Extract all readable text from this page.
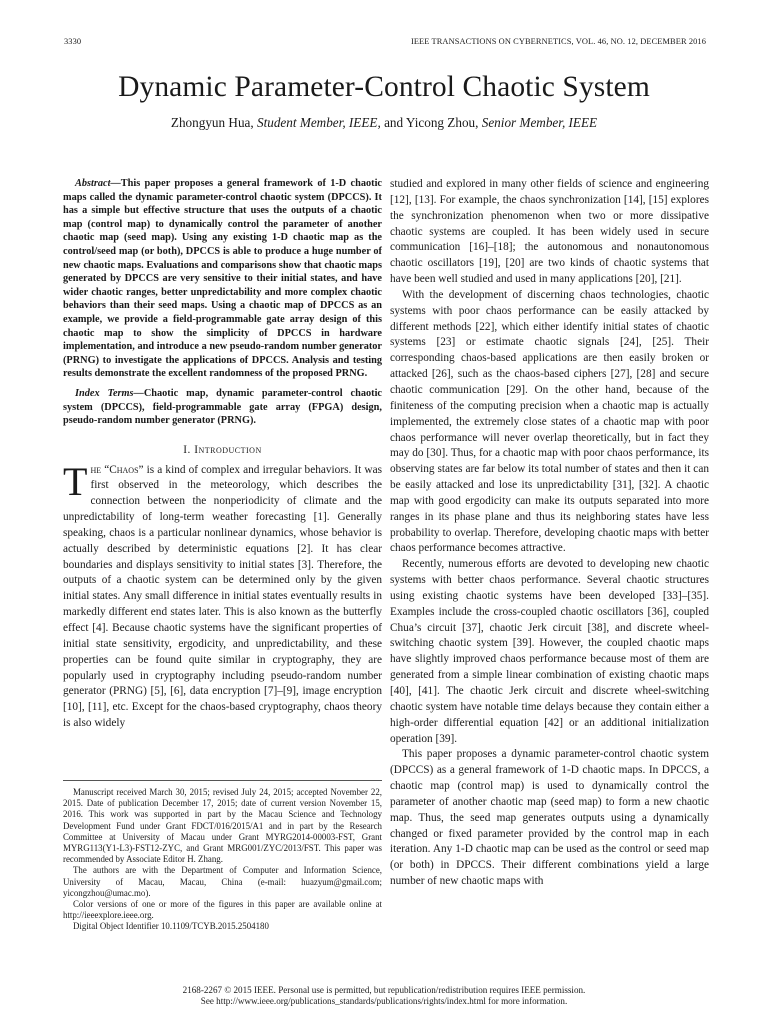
3330	IEEE TRANSACTIONS ON CYBERNETICS, VOL. 46, NO. 12, DECEMBER 2016
Dynamic Parameter-Control Chaotic System
Zhongyun Hua, Student Member, IEEE, and Yicong Zhou, Senior Member, IEEE

Abstract—This paper proposes a general framework of 1-D chaotic maps called the dynamic parameter-control chaotic system (DPCCS). It has a simple but effective structure that uses the outputs of a chaotic map (control map) to dynamically control the parameter of another chaotic map (seed map). Using any existing 1-D chaotic map as the control/seed map (or both), DPCCS is able to produce a huge number of new chaotic maps. Evaluations and comparisons show that chaotic maps generated by DPCCS are very sensitive to their initial states, and have wider chaotic ranges, better unpredictability and more complex chaotic behaviors than their seed maps. Using a chaotic map of DPCCS as an example, we provide a field-programmable gate array design of this chaotic map to show the simplicity of DPCCS in hardware implementation, and introduce a new pseudo-random number generator (PRNG) to investigate the applications of DPCCS. Analysis and testing results demonstrate the excellent randomness of the proposed PRNG.

Index Terms—Chaotic map, dynamic parameter-control chaotic system (DPCCS), field-programmable gate array (FPGA) design, pseudo-random number generator (PRNG).

I. Introduction

The “Chaos” is a kind of complex and irregular behaviors. It was first observed in the meteorology, which describes the connection between the nonperiodicity of climate and the unpredictability of long-term weather forecasting [1]. Generally speaking, chaos is a particular nonlinear dynamics, whose behavior is actually described by deterministic equations [2]. It has clear boundaries and displays sensitivity to initial states [3]. Therefore, the outputs of a chaotic system can be determined only by the given initial states. Any small difference in initial states eventually results in markedly different end states later. This is also known as the butterfly effect [4]. Because chaotic systems have the significant properties of initial state sensitivity, ergodicity, and unpredictability, and these properties can be found quite similar in cryptography, they are popularly used in cryptography including pseudo-random number generator (PRNG) [5], [6], data encryption [7]–[9], image encryption [10], [11], etc. Except for the chaos-based cryptography, chaos theory is also widely

Manuscript received March 30, 2015; revised July 24, 2015; accepted November 22, 2015. Date of publication December 17, 2015; date of current version November 15, 2016. This work was supported in part by the Macau Science and Technology Development Fund under Grant FDCT/016/2015/A1 and in part by the Research Committee at University of Macau under Grant MYRG2014-00003-FST, Grant MYRG113(Y1-L3)-FST12-ZYC, and Grant MRG001/ZYC/2013/FST. This paper was recommended by Associate Editor H. Zhang.

The authors are with the Department of Computer and Information Science, University of Macau, Macau, China (e-mail: huazyum@gmail.com; yicongzhou@umac.mo).

Color versions of one or more of the figures in this paper are available online at http://ieeexplore.ieee.org.

Digital Object Identifier 10.1109/TCYB.2015.2504180

studied and explored in many other fields of science and engineering [12], [13]. For example, the chaos synchronization [14], [15] explores the synchronization phenomenon when two or more dissipative chaotic systems are coupled. It has been widely used in secure communication [16]–[18]; the autonomous and nonautonomous chaotic oscillators [19], [20] are two kinds of chaotic systems that have been well studied and used in many applications [20], [21].

With the development of discerning chaos technologies, chaotic systems with poor chaos performance can be easily attacked by different methods [22], which either identify initial states of chaotic systems [23] or estimate chaotic signals [24], [25]. Their corresponding chaos-based applications are then easily broken or attacked [26], such as the chaos-based ciphers [27], [28] and secure chaotic communication [29]. On the other hand, because of the finiteness of the computing precision when a chaotic map is actually implemented, the extremely close states of a chaotic map with poor chaos performance will never overlap theoretically, but in fact they may do [30]. Thus, for a chaotic map with poor chaos performance, its observing states are far below its total number of states and then it can be easily attacked and lose its unpredictability [31], [32]. A chaotic map with good ergodicity can make its outputs separated into more ranges in its phase plane and thus its neighboring states have less probability to overlap. Therefore, developing chaotic maps with better chaos performance becomes attractive.

Recently, numerous efforts are devoted to developing new chaotic systems with better chaos performance. Several chaotic structures using existing chaotic systems have been developed [33]–[35]. Examples include the cross-coupled chaotic oscillators [36], coupled Chua’s circuit [37], chaotic Jerk circuit [38], and discrete wheel-switching chaotic system [39]. However, the coupled chaotic maps have slightly improved chaos performance because most of them are generated from a simple linear combination of existing chaotic maps [40], [41]. The chaotic Jerk circuit and discrete wheel-switching chaotic system have notable time delays because they contain either a high-order differential equation [42] or an additional initialization operation [39].

This paper proposes a dynamic parameter-control chaotic system (DPCCS) as a general framework of 1-D chaotic maps. In DPCCS, a chaotic map (control map) is used to dynamically control the parameter of another chaotic map (seed map) to form a new chaotic map. Thus, the seed map generates outputs using a dynamically changed or fixed parameter provided by the control map in each iteration. Any 1-D chaotic map can be used as the control or seed map (or both) in DPCCS. Their different combinations yield a large number of new chaotic maps with

2168-2267 © 2015 IEEE. Personal use is permitted, but republication/redistribution requires IEEE permission.
See http://www.ieee.org/publications_standards/publications/rights/index.html for more information.
